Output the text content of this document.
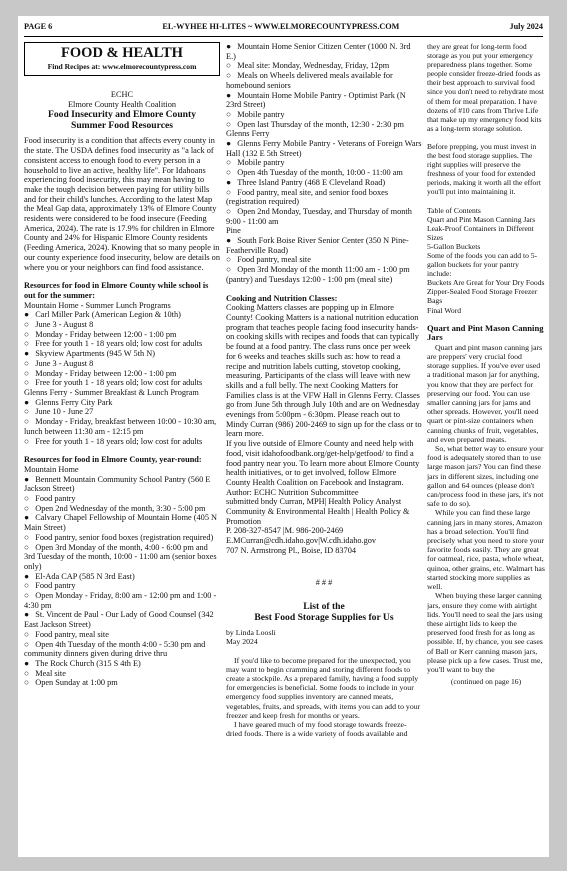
PAGE 6	EL-WYHEE HI-LITES ~ WWW.ELMORECOUNTYPRESS.COM	July 2024
FOOD & HEALTH
Find Recipes at: www.elmorecountypress.com

ECHC

Elmore County Health Coalition

Food Insecurity and Elmore County

Summer Food Resources

Food insecurity is a condition that affects every county in the state. The USDA defines food insecurity as "a lack of consistent access to enough food to every person in a household to live an active, healthy life". For Idahoans experiencing food insecurity, this may mean having to make the tough decision between paying for utility bills and for their child's lunches. According to the latest Map the Meal Gap data, approximately 13% of Elmore County residents were considered to be food insecure (Feeding America, 2024). The rate is 17.9% for children in Elmore County and 24% for Hispanic Elmore County residents (Feeding America, 2024). Knowing that so many people in our county experience food insecurity, below are details on where you or your neighbors can find food assistance.

Resources for food in Elmore County while school is out for the summer:

Mountain Home - Summer Lunch Programs

●   Carl Miller Park (American Legion & 10th)

○   June 3 - August 8

○   Monday - Friday between 12:00 - 1:00 pm

○   Free for youth 1 - 18 years old; low cost for adults

●   Skyview Apartments (945 W 5th N)

○   June 3 - August 8

○   Monday - Friday between 12:00 - 1:00 pm

○   Free for youth 1 - 18 years old; low cost for adults

Glenns Ferry - Summer Breakfast & Lunch Program

●   Glenns Ferry City Park

○   June 10 - June 27

○   Monday - Friday, breakfast between 10:00 - 10:30 am, lunch between 11:30 am - 12:15 pm

○   Free for youth 1 - 18 years old; low cost for adults

Resources for food in Elmore County, year-round:

Mountain Home

●   Bennett Mountain Community School Pantry (560 E Jackson Street)

○   Food pantry

○   Open 2nd Wednesday of the month, 3:30 - 5:00 pm

●   Calvary Chapel Fellowship of Mountain Home (405 N Main Street)

○   Food pantry, senior food boxes (registration required)

○   Open 3rd Monday of the month, 4:00 - 6:00 pm and 3rd Tuesday of the month, 10:00 - 11:00 am (senior boxes only)

●   El-Ada CAP (585 N 3rd East)

○   Food pantry

○   Open Monday - Friday, 8:00 am - 12:00 pm and 1:00 - 4:30 pm

●   St. Vincent de Paul - Our Lady of Good Counsel (342 East Jackson Street)

○   Food pantry, meal site

○   Open 4th Tuesday of the month 4:00 - 5:30 pm and community dinners given during drive thru

●   The Rock Church (315 S 4th E)

○   Meal site

○   Open Sunday at 1:00 pm

●   Mountain Home Senior Citizen Center (1000 N. 3rd E.)

○   Meal site: Monday, Wednesday, Friday, 12pm

○   Meals on Wheels delivered meals available for homebound seniors

●   Mountain Home Mobile Pantry - Optimist Park (N 23rd Street)

○   Mobile pantry

○   Open last Thursday of the month, 12:30 - 2:30 pm

Glenns Ferry

●   Glenns Ferry Mobile Pantry - Veterans of Foreign Wars Hall (132 E 5th Street)

○   Mobile pantry

○   Open 4th Tuesday of the month, 10:00 - 11:00 am

●   Three Island Pantry (468 E Cleveland Road)

○   Food pantry, meal site, and senior food boxes (registration required)

○   Open 2nd Monday, Tuesday, and Thursday of month 9:00 - 11:00 am

Pine

●   South Fork Boise River Senior Center (350 N Pine-Featherville Road)

○   Food pantry, meal site

○   Open 3rd Monday of the month 11:00 am - 1:00 pm (pantry) and Tuesdays 12:00 - 1:00 pm (meal site)

Cooking and Nutrition Classes:

Cooking Matters classes are popping up in Elmore County! Cooking Matters is a national nutrition education program that teaches people facing food insecurity hands-on cooking skills with recipes and foods that can typically be found at a food pantry. The class runs once per week for 6 weeks and teaches skills such as: how to read a recipe and nutrition labels cutting, stovetop cooking, measuring. Participants of the class will leave with new skills and a full belly. The next Cooking Matters for Families class is at the VFW Hall in Glenns Ferry. Classes go from June 5th through July 10th and are on Wednesday evenings from 5:00pm - 6:30pm. Please reach out to Mindy Curran (986) 200-2469 to sign up for the class or to learn more.

If you live outside of Elmore County and need help with food, visit idahofoodbank.org/get-help/getfood/ to find a food pantry near you. To learn more about Elmore County health initiatives, or to get involved, follow Elmore County Health Coalition on Facebook and Instagram.

Author: ECHC Nutrition Subcommittee

submitted bndy Curran, MPH| Health Policy Analyst

Community & Environmental Health | Health Policy & Promotion

P. 208-327-8547 |M. 986-200-2469

E.MCurran@cdh.idaho.gov|W.cdh.idaho.gov

707 N. Armstrong Pl., Boise, ID 83704

# # #

List of the

Best Food Storage Supplies for Us

by Linda Loosli

May 2024

If you'd like to become prepared for the unexpected, you may want to begin cramming and storing different foods to create a stockpile. As a prepared family, having a food supply for emergencies is beneficial. Some foods to include in your emergency food supplies inventory are canned meats, vegetables, fruits, and spreads, with items you can add to your freezer and keep fresh for months or years.

I have geared much of my food storage towards freeze-dried foods. There is a wide variety of foods available and

they are great for long-term food storage as you put your emergency preparedness plans together. Some people consider freeze-dried foods as their best approach to survival food since you don't need to rehydrate most of them for meal preparation. I have dozens of #10 cans from Thrive Life that make up my emergency food kits as a long-term storage solution.

Before prepping, you must invest in the best food storage supplies. The right supplies will preserve the freshness of your food for extended periods, making it worth all the effort you'll put into maintaining it.

Table of Contents

Quart and Pint Mason Canning Jars

Leak-Proof Containers in Different Sizes

5-Gallon Buckets

Some of the foods you can add to 5-gallon buckets for your pantry include:

Buckets Are Great for Your Dry Foods

Zipper-Sealed Food Storage Freezer Bags

Final Word

Quart and Pint Mason Canning Jars

Quart and pint mason canning jars are preppers' very crucial food storage supplies. If you've ever used a traditional mason jar for anything, you know that they are perfect for preserving our food. You can use smaller canning jars for jams and other spreads. However, you'll need quart or pint-size containers when canning chunks of fruit, vegetables, and even prepared meats.

So, what better way to ensure your food is adequately stored than to use large mason jars? You can find these jars in different sizes, including one gallon and 64 ounces (please don't can/process food in these jars, it's not safe to do so).

While you can find these large canning jars in many stores, Amazon has a broad selection. You'll find precisely what you need to store your favorite foods easily. They are great for oatmeal, rice, pasta, whole wheat, quinoa, other grains, etc. Walmart has started stocking more supplies as well.

When buying these larger canning jars, ensure they come with airtight lids. You'll need to seal the jars using these airtight lids to keep the preserved food fresh for as long as possible. If, by chance, you see cases of Ball or Kerr canning mason jars, please pick up a few cases. Trust me, you'll want to buy the

(continued on page 16)
